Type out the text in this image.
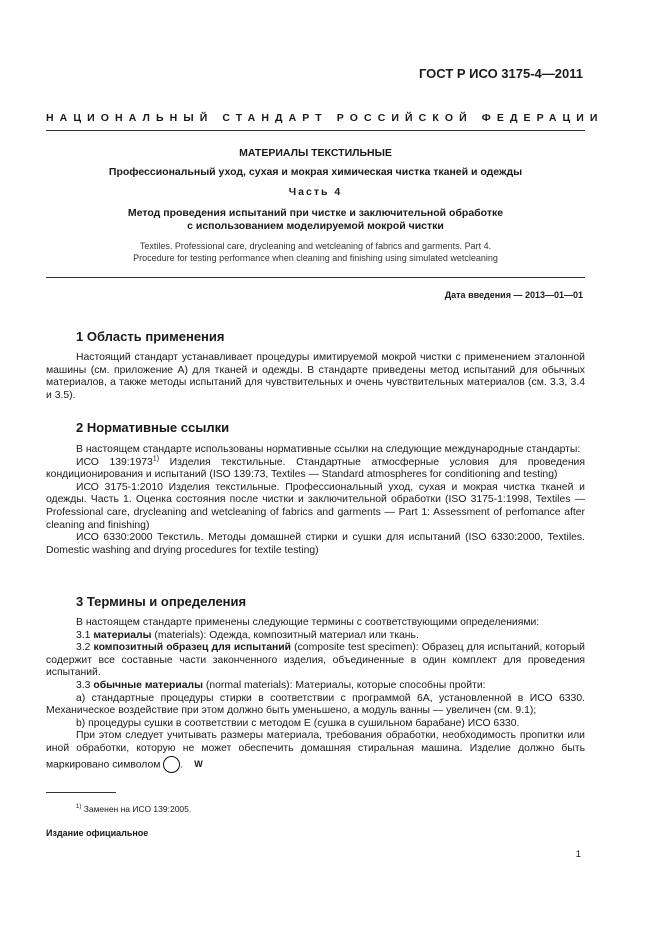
ГОСТ Р ИСО 3175-4—2011
НАЦИОНАЛЬНЫЙ СТАНДАРТ РОССИЙСКОЙ ФЕДЕРАЦИИ
МАТЕРИАЛЫ ТЕКСТИЛЬНЫЕ
Профессиональный уход, сухая и мокрая химическая чистка тканей и одежды
Часть 4
Метод проведения испытаний при чистке и заключительной обработке
с использованием моделируемой мокрой чистки
Textiles. Professional care, drycleaning and wetcleaning of fabrics and garments. Part 4.
Procedure for testing performance when cleaning and finishing using simulated wetcleaning
Дата введения — 2013—01—01
1 Область применения

Настоящий стандарт устанавливает процедуры имитируемой мокрой чистки с применением эталонной машины (см. приложение А) для тканей и одежды. В стандарте приведены метод испытаний для обычных материалов, а также методы испытаний для чувствительных и очень чувствительных материалов (см. 3.3, 3.4 и 3.5).

2 Нормативные ссылки

В настоящем стандарте использованы нормативные ссылки на следующие международные стандарты:

ИСО 139:1973$^{1)}$ Изделия текстильные. Стандартные атмосферные условия для проведения кондиционирования и испытаний (ISO 139:73, Textiles — Standard atmospheres for conditioning and testing)

ИСО 3175-1:2010 Изделия текстильные. Профессиональный уход, сухая и мокрая чистка тканей и одежды. Часть 1. Оценка состояния после чистки и заключительной обработки (ISO 3175-1:1998, Textiles — Professional care, drycleaning and wetcleaning of fabrics and garments — Part 1: Assessment of perfomance after cleaning and finishing)

ИСО 6330:2000 Текстиль. Методы домашней стирки и сушки для испытаний (ISO 6330:2000, Textiles. Domestic washing and drying procedures for textile testing)

3 Термины и определения

В настоящем стандарте применены следующие термины с соответствующими определениями:

3.1 материалы (materials): Одежда, композитный материал или ткань.

3.2 композитный образец для испытаний (composite test specimen): Образец для испытаний, который содержит все составные части законченного изделия, объединенные в один комплект для проведения испытаний.

3.3 обычные материалы (normal materials): Материалы, которые способны пройти:

a) стандартные процедуры стирки в соответствии с программой 6А, установленной в ИСО 6330. Механическое воздействие при этом должно быть уменьшено, а модуль ванны — увеличен (см. 9.1);

b) процедуры сушки в соответствии с методом Е (сушка в сушильном барабане) ИСО 6330.

При этом следует учитывать размеры материала, требования обработки, необходимость пропитки или иной обработки, которую не может обеспечить домашняя стиральная машина. Изделие должно быть маркировано символом	W.

$^{1)}$ Заменен на ИСО 139:2005.
Издание официальное
1
